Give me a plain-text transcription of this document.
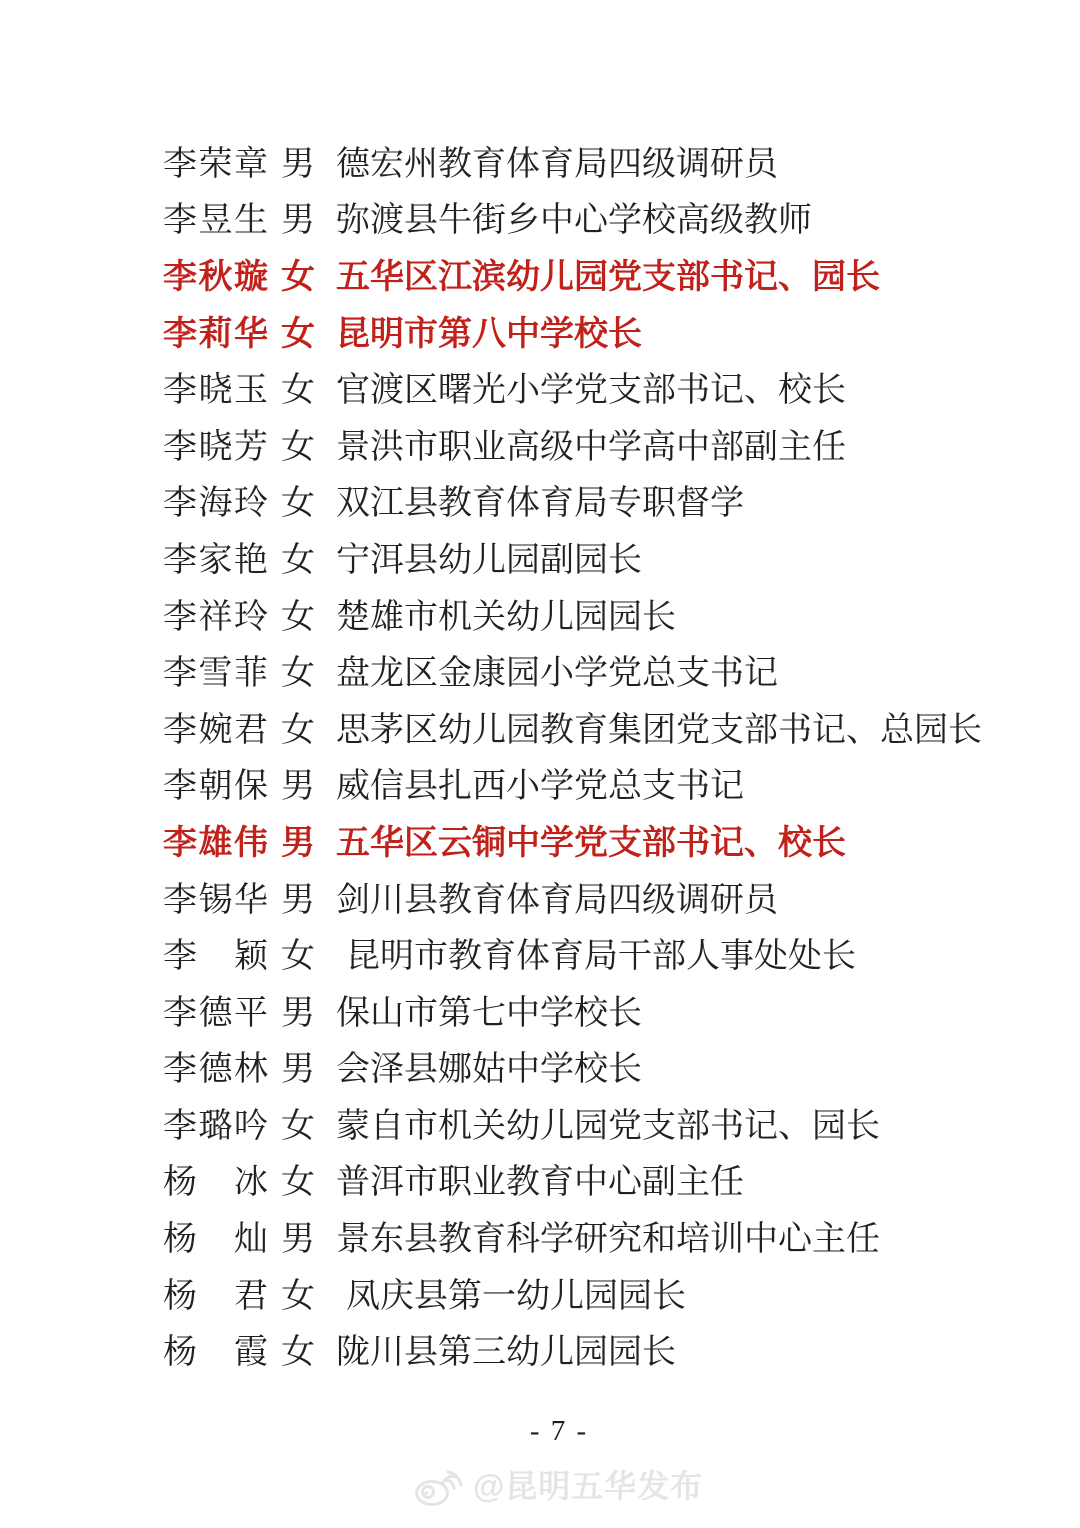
李荣章 男 德宏州教育体育局四级调研员
李昱生 男 弥渡县牛街乡中心学校高级教师
李秋璇 女 五华区江滨幼儿园党支部书记、园长
李莉华 女 昆明市第八中学校长
李晓玉 女 官渡区曙光小学党支部书记、校长
李晓芳 女 景洪市职业高级中学高中部副主任
李海玲 女 双江县教育体育局专职督学
李家艳 女 宁洱县幼儿园副园长
李祥玲 女 楚雄市机关幼儿园园长
李雪菲 女 盘龙区金康园小学党总支书记
李婉君 女 思茅区幼儿园教育集团党支部书记、总园长
李朝保 男 威信县扎西小学党总支书记
李雄伟 男 五华区云铜中学党支部书记、校长
李锡华 男 剑川县教育体育局四级调研员
李颖 女 昆明市教育体育局干部人事处处长
李德平 男 保山市第七中学校长
李德林 男 会泽县娜姑中学校长
李璐吟 女 蒙自市机关幼儿园党支部书记、园长
杨冰 女 普洱市职业教育中心副主任
杨灿 男 景东县教育科学研究和培训中心主任
杨君 女 凤庆县第一幼儿园园长
杨霞 女 陇川县第三幼儿园园长
- 7 -
@昆明五华发布
